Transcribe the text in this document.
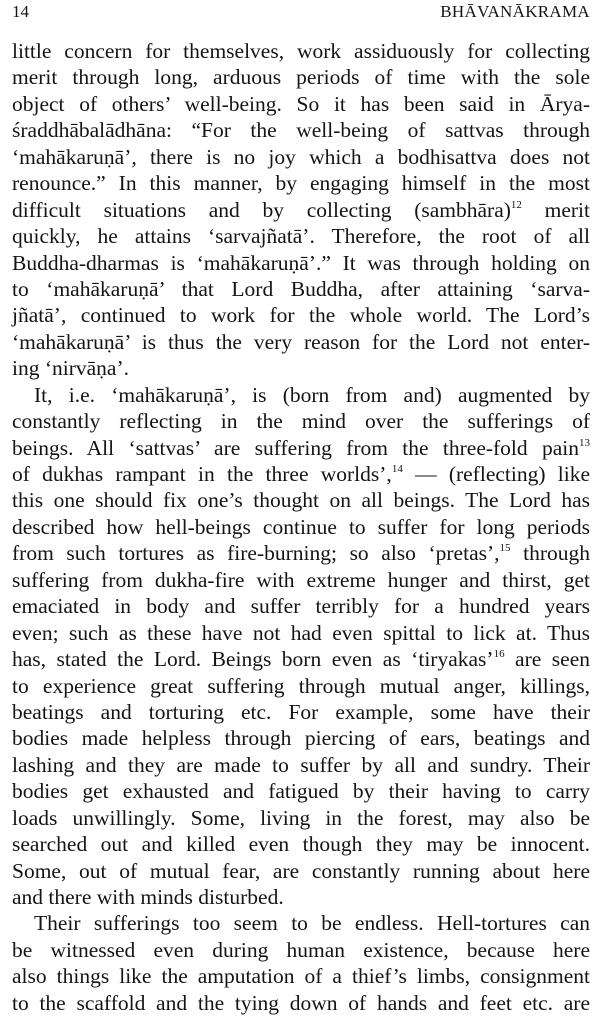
14	BHĀVANĀKRAMA
little concern for themselves, work assiduously for collecting
merit through long, arduous periods of time with the sole
object of others’ well-being. So it has been said in Ārya-
śraddhābalādhāna: “For the well-being of sattvas through
‘mahākaruṇā’, there is no joy which a bodhisattva does not
renounce.” In this manner, by engaging himself in the most
difficult situations and by collecting (sambhāra)$^{12}$ merit
quickly, he attains ‘sarvajñatā’. Therefore, the root of all
Buddha-dharmas is ‘mahākaruṇā’.” It was through holding on
to ‘mahākaruṇā’ that Lord Buddha, after attaining ‘sarva-
jñatā’, continued to work for the whole world. The Lord’s
‘mahākaruṇā’ is thus the very reason for the Lord not enter-
ing ‘nirvāṇa’.
It, i.e. ‘mahākaruṇā’, is (born from and) augmented by
constantly reflecting in the mind over the sufferings of
beings. All ‘sattvas’ are suffering from the three-fold pain$^{13}$
of dukhas rampant in the three worlds’,$^{14}$ — (reflecting) like
this one should fix one’s thought on all beings. The Lord has
described how hell-beings continue to suffer for long periods
from such tortures as fire-burning; so also ‘pretas’,$^{15}$ through
suffering from dukha-fire with extreme hunger and thirst, get
emaciated in body and suffer terribly for a hundred years
even; such as these have not had even spittal to lick at. Thus
has, stated the Lord. Beings born even as ‘tiryakas’$^{16}$ are seen
to experience great suffering through mutual anger, killings,
beatings and torturing etc. For example, some have their
bodies made helpless through piercing of ears, beatings and
lashing and they are made to suffer by all and sundry. Their
bodies get exhausted and fatigued by their having to carry
loads unwillingly. Some, living in the forest, may also be
searched out and killed even though they may be innocent.
Some, out of mutual fear, are constantly running about here
and there with minds disturbed.
Their sufferings too seem to be endless. Hell-tortures can
be witnessed even during human existence, because here
also things like the amputation of a thief’s limbs, consignment
to the scaffold and the tying down of hands and feet etc. are
